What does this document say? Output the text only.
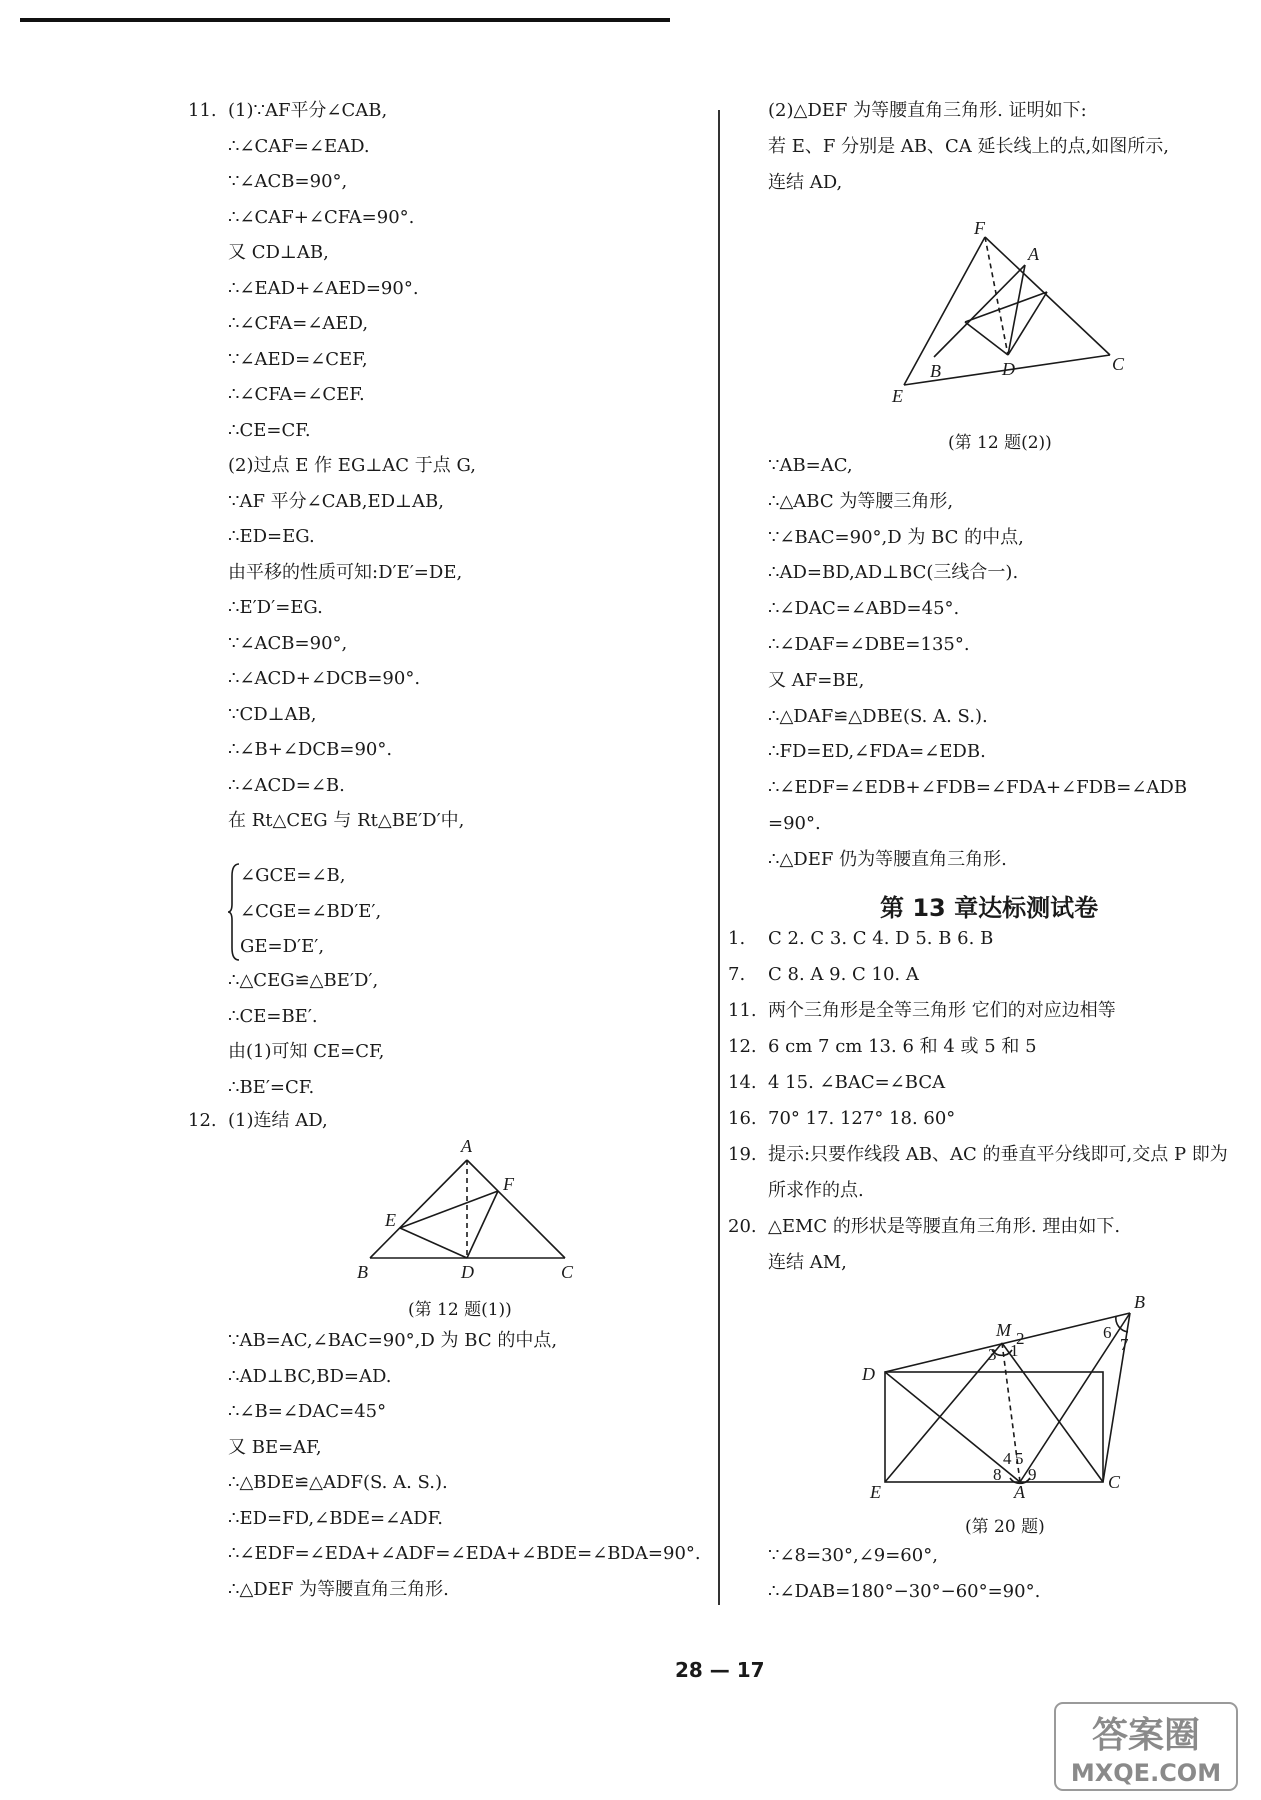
11. (1)∵AF平分∠CAB,
∴∠CAF=∠EAD.
∵∠ACB=90°,
∴∠CAF+∠CFA=90°.
又 CD⊥AB,
∴∠EAD+∠AED=90°.
∴∠CFA=∠AED,
∵∠AED=∠CEF,
∴∠CFA=∠CEF.
∴CE=CF.
(2)过点 E 作 EG⊥AC 于点 G,
∵AF 平分∠CAB,ED⊥AB,
∴ED=EG.
由平移的性质可知:D′E′=DE,
∴E′D′=EG.
∵∠ACB=90°,
∴∠ACD+∠DCB=90°.
∵CD⊥AB,
∴∠B+∠DCB=90°.
∴∠ACD=∠B.
在 Rt△CEG 与 Rt△BE′D′中,
∠GCE=∠B,
∠CGE=∠BD′E′,
GE=D′E′,
∴△CEG≌△BE′D′,
∴CE=BE′.
由(1)可知 CE=CF,
∴BE′=CF.
12. (1)连结 AD,
A
B	C
D
E
F
(第 12 题(1))
∵AB=AC,∠BAC=90°,D 为 BC 的中点,
∴AD⊥BC,BD=AD.
∴∠B=∠DAC=45°
又 BE=AF,
∴△BDE≌△ADF(S. A. S.).
∴ED=FD,∠BDE=∠ADF.
∴∠EDF=∠EDA+∠ADF=∠EDA+∠BDE=∠BDA=90°.
∴△DEF 为等腰直角三角形.
(2)△DEF 为等腰直角三角形. 证明如下:
若 E、F 分别是 AB、CA 延长线上的点,如图所示,
连结 AD,
F
A
B	D	C
E
(第 12 题(2))
∵AB=AC,
∴△ABC 为等腰三角形,
∵∠BAC=90°,D 为 BC 的中点,
∴AD=BD,AD⊥BC(三线合一).
∴∠DAC=∠ABD=45°.
∴∠DAF=∠DBE=135°.
又 AF=BE,
∴△DAF≌△DBE(S. A. S.).
∴FD=ED,∠FDA=∠EDB.
∴∠EDF=∠EDB+∠FDB=∠FDA+∠FDB=∠ADB
=90°.
∴△DEF 仍为等腰直角三角形.
第 13 章达标测试卷
1. C 2. C 3. C 4. D 5. B 6. B
7. C 8. A 9. C 10. A
11. 两个三角形是全等三角形 它们的对应边相等
12. 6 cm 7 cm 13. 6 和 4 或 5 和 5
14. 4 15. ∠BAC=∠BCA
16. 70° 17. 127° 18. 60°
19. 提示:只要作线段 AB、AC 的垂直平分线即可,交点 P 即为
所求作的点.
20. △EMC 的形状是等腰直角三角形. 理由如下.
连结 AM,
M
B
D
E	A	C
1
2
3
4 5
6
7
8 9
(第 20 题)
∵∠8=30°,∠9=60°,
∴∠DAB=180°−30°−60°=90°.
28 — 17
答案圈
MXQE.COM
